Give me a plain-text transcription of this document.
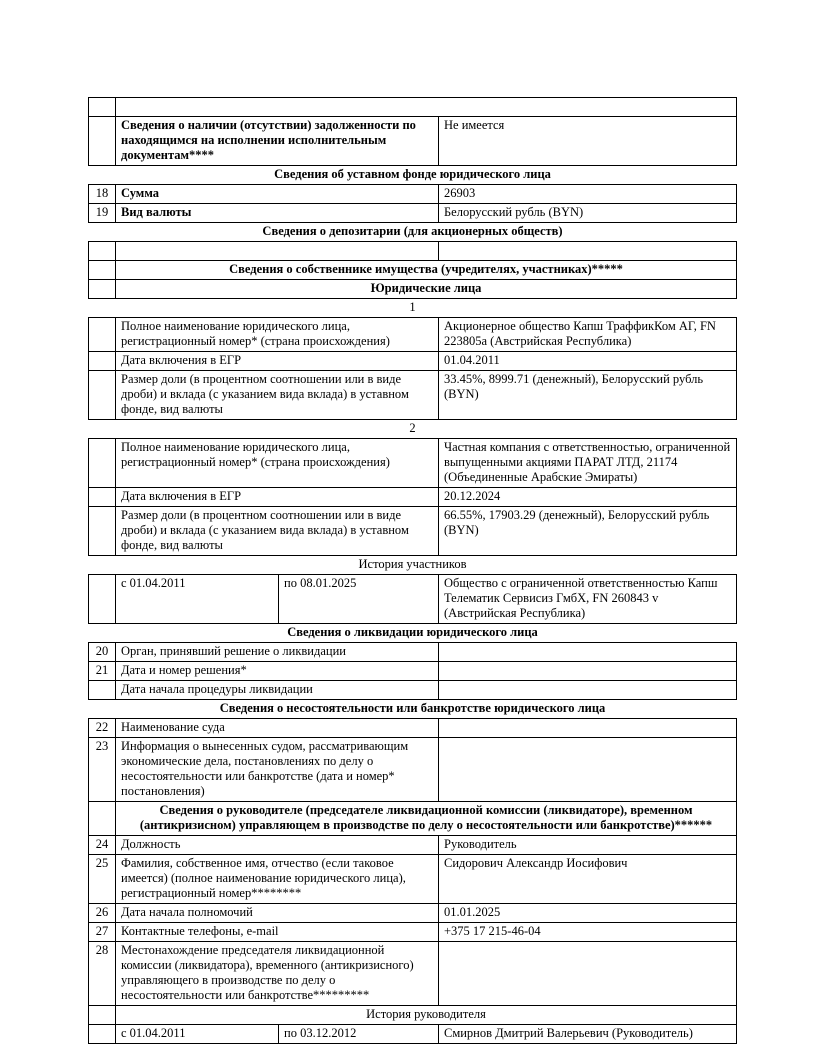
	Сведения о наличии (отсутствии) задолженности по находящимся на исполнении исполнительным документам****		Не имеется
Сведения об уставном фонде юридического лица			
18	Сумма		26903
19	Вид валюты		Белорусский рубль (BYN)
Сведения о депозитарии (для акционерных обществ)			

	Сведения о собственнике имущества (учредителях, участниках)*****		
	Юридические лица		
1			
	Полное наименование юридического лица, регистрационный номер* (страна происхождения)		Акционерное общество Капш ТраффикКом АГ, FN 223805a (Австрийская Республика)
	Дата включения в ЕГР		01.04.2011
	Размер доли (в процентном соотношении или в виде дроби) и вклада (с указанием вида вклада) в уставном фонде, вид валюты		33.45%, 8999.71 (денежный), Белорусский рубль (BYN)
2			
	Полное наименование юридического лица, регистрационный номер* (страна происхождения)		Частная компания с ответственностью, ограниченной выпущенными акциями ПАРАТ ЛТД, 21174 (Объединенные Арабские Эмираты)
	Дата включения в ЕГР		20.12.2024
	Размер доли (в процентном соотношении или в виде дроби) и вклада (с указанием вида вклада) в уставном фонде, вид валюты		66.55%, 17903.29 (денежный), Белорусский рубль (BYN)
История участников			
	с 01.04.2011	по 08.01.2025	Общество с ограниченной ответственностью Капш Телематик Сервисиз ГмбХ, FN 260843 v (Австрийская Республика)
Сведения о ликвидации юридического лица			
20	Орган, принявший решение о ликвидации		
21	Дата и номер решения*		
	Дата начала процедуры ликвидации		
Сведения о несостоятельности или банкротстве юридического лица			
22	Наименование суда		
23	Информация о вынесенных судом, рассматривающим экономические дела, постановлениях по делу о несостоятельности или банкротстве (дата и номер* постановления)		
	Сведения о руководителе (председателе ликвидационной комиссии (ликвидаторе), временном (антикризисном) управляющем в производстве по делу о несостоятельности или банкротстве)******		
24	Должность		Руководитель
25	Фамилия, собственное имя, отчество (если таковое имеется) (полное наименование юридического лица), регистрационный номер********		Сидорович Александр Иосифович
26	Дата начала полномочий		01.01.2025
27	Контактные телефоны, e-mail		+375 17 215-46-04
28	Местонахождение председателя ликвидационной комиссии (ликвидатора), временного (антикризисного) управляющего в производстве по делу о несостоятельности или банкротстве*********		
	История руководителя		
	с 01.04.2011	по 03.12.2012	Смирнов Дмитрий Валерьевич (Руководитель)
